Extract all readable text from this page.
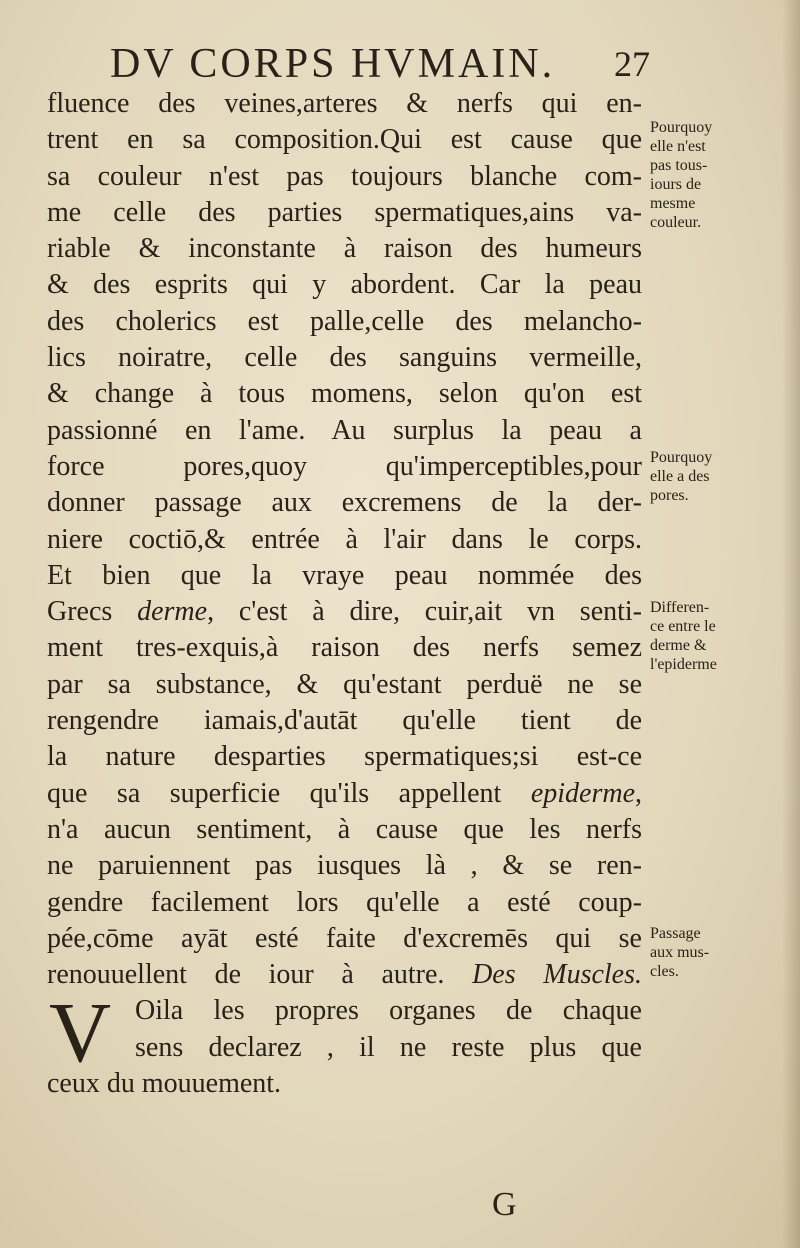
DV CORPS HVMAIN. 27
fluence des veines,arteres & nerfs qui en-
trent en sa composition.Qui est cause que
sa couleur n'est pas toujours blanche com-
me celle des parties spermatiques,ains va-
riable & inconstante à raison des humeurs
& des esprits qui y abordent. Car la peau
des cholerics est palle,celle des melancho-
lics noiratre, celle des sanguins vermeille,
& change à tous momens, selon qu'on est
passionné en l'ame. Au surplus la peau a
force pores,quoy qu'imperceptibles,pour
donner passage aux excremens de la der-
niere coctiō,& entrée à l'air dans le corps.
Et bien que la vraye peau nommée des
Grecs derme, c'est à dire, cuir,ait vn senti-
ment tres-exquis,à raison des nerfs semez
par sa substance, & qu'estant perduë ne se
rengendre iamais,d'autāt qu'elle tient de
la nature desparties spermatiques;si est-ce
que sa superficie qu'ils appellent epiderme,
n'a aucun sentiment, à cause que les nerfs
ne paruiennent pas iusques là , & se ren-
gendre facilement lors qu'elle a esté coup-
pée,cōme ayāt esté faite d'excremēs qui se
renouuellent de iour à autre. Des Muscles.
V Oila les propres organes de chaque
sens declarez , il ne reste plus que
ceux du mouuement.
Pourquoy
elle n'est
pas tous-
iours de
mesme
couleur.
Pourquoy
elle a des
pores.
Differen-
ce entre le
derme &
l'epiderme
Passage
aux mus-
cles.
G
